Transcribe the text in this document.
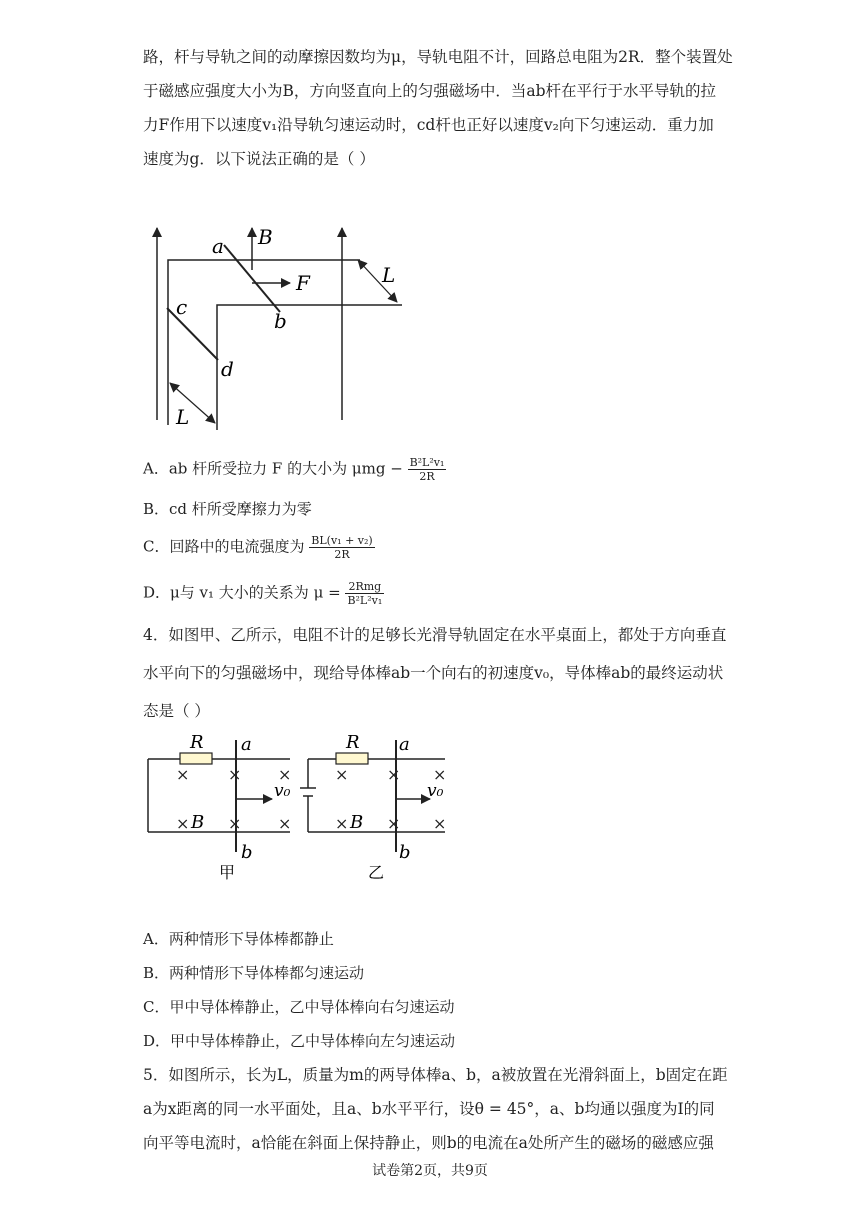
路，杆与导轨之间的动摩擦因数均为μ，导轨电阻不计，回路总电阻为2R．整个装置处
于磁感应强度大小为B，方向竖直向上的匀强磁场中．当ab杆在平行于水平导轨的拉
力F作用下以速度v₁沿导轨匀速运动时，cd杆也正好以速度v₂向下匀速运动．重力加
速度为g．以下说法正确的是（ ）
a B
F	L
b
c
d
L
A．ab 杆所受拉力 F 的大小为 $\mu mg - \frac{\text{B²L²v₁}}{2R}$
B．cd 杆所受摩擦力为零
C．回路中的电流强度为 $\frac{\text{BL(v₁ + v₂)}}{2R}$
D．μ与 v₁ 大小的关系为 $\mu = \frac{\text{2Rmg}}{\text{B²L²v₁}}$
4．如图甲、乙所示，电阻不计的足够长光滑导轨固定在水平桌面上，都处于方向垂直
水平向下的匀强磁场中，现给导体棒ab一个向右的初速度v₀，导体棒ab的最终运动状
态是（ ）
× × ×
× × ×
R a
B
v₀
b
甲
× × ×
× × ×
R a
B
v₀
b
乙
A．两种情形下导体棒都静止
B．两种情形下导体棒都匀速运动
C．甲中导体棒静止，乙中导体棒向右匀速运动
D．甲中导体棒静止，乙中导体棒向左匀速运动
5．如图所示，长为L，质量为m的两导体棒a、b，a被放置在光滑斜面上，b固定在距
a为x距离的同一水平面处，且a、b水平平行，设θ = 45°，a、b均通以强度为I的同
向平等电流时，a恰能在斜面上保持静止，则b的电流在a处所产生的磁场的磁感应强
试卷第2页，共9页
